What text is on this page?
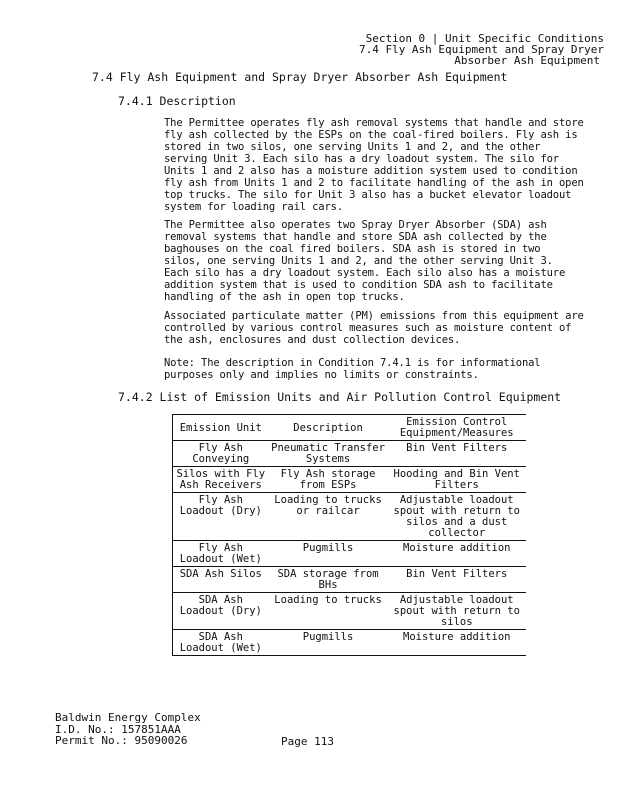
Section 0 | Unit Specific Conditions
7.4 Fly Ash Equipment and Spray Dryer
Absorber Ash Equipment
7.4 Fly Ash Equipment and Spray Dryer Absorber Ash Equipment
7.4.1 Description
The Permittee operates fly ash removal systems that handle and store
fly ash collected by the ESPs on the coal-fired boilers. Fly ash is
stored in two silos, one serving Units 1 and 2, and the other
serving Unit 3. Each silo has a dry loadout system. The silo for
Units 1 and 2 also has a moisture addition system used to condition
fly ash from Units 1 and 2 to facilitate handling of the ash in open
top trucks. The silo for Unit 3 also has a bucket elevator loadout
system for loading rail cars.
The Permittee also operates two Spray Dryer Absorber (SDA) ash
removal systems that handle and store SDA ash collected by the
baghouses on the coal fired boilers. SDA ash is stored in two
silos, one serving Units 1 and 2, and the other serving Unit 3.
Each silo has a dry loadout system. Each silo also has a moisture
addition system that is used to condition SDA ash to facilitate
handling of the ash in open top trucks.
Associated particulate matter (PM) emissions from this equipment are
controlled by various control measures such as moisture content of
the ash, enclosures and dust collection devices.
Note: The description in Condition 7.4.1 is for informational
purposes only and implies no limits or constraints.
7.4.2 List of Emission Units and Air Pollution Control Equipment
Emission Unit	Description	Emission Control Equipment/Measures
Fly Ash Conveying	Pneumatic Transfer Systems	Bin Vent Filters
Silos with Fly Ash Receivers	Fly Ash storage from ESPs	Hooding and Bin Vent Filters
Fly Ash Loadout (Dry)	Loading to trucks or railcar	Adjustable loadout spout with return to silos and a dust collector
Fly Ash Loadout (Wet)	Pugmills	Moisture addition
SDA Ash Silos	SDA storage from BHs	Bin Vent Filters
SDA Ash Loadout (Dry)	Loading to trucks	Adjustable loadout spout with return to silos
SDA Ash Loadout (Wet)	Pugmills	Moisture addition
Baldwin Energy Complex
I.D. No.: 157851AAA
Permit No.: 95090026	Page 113
